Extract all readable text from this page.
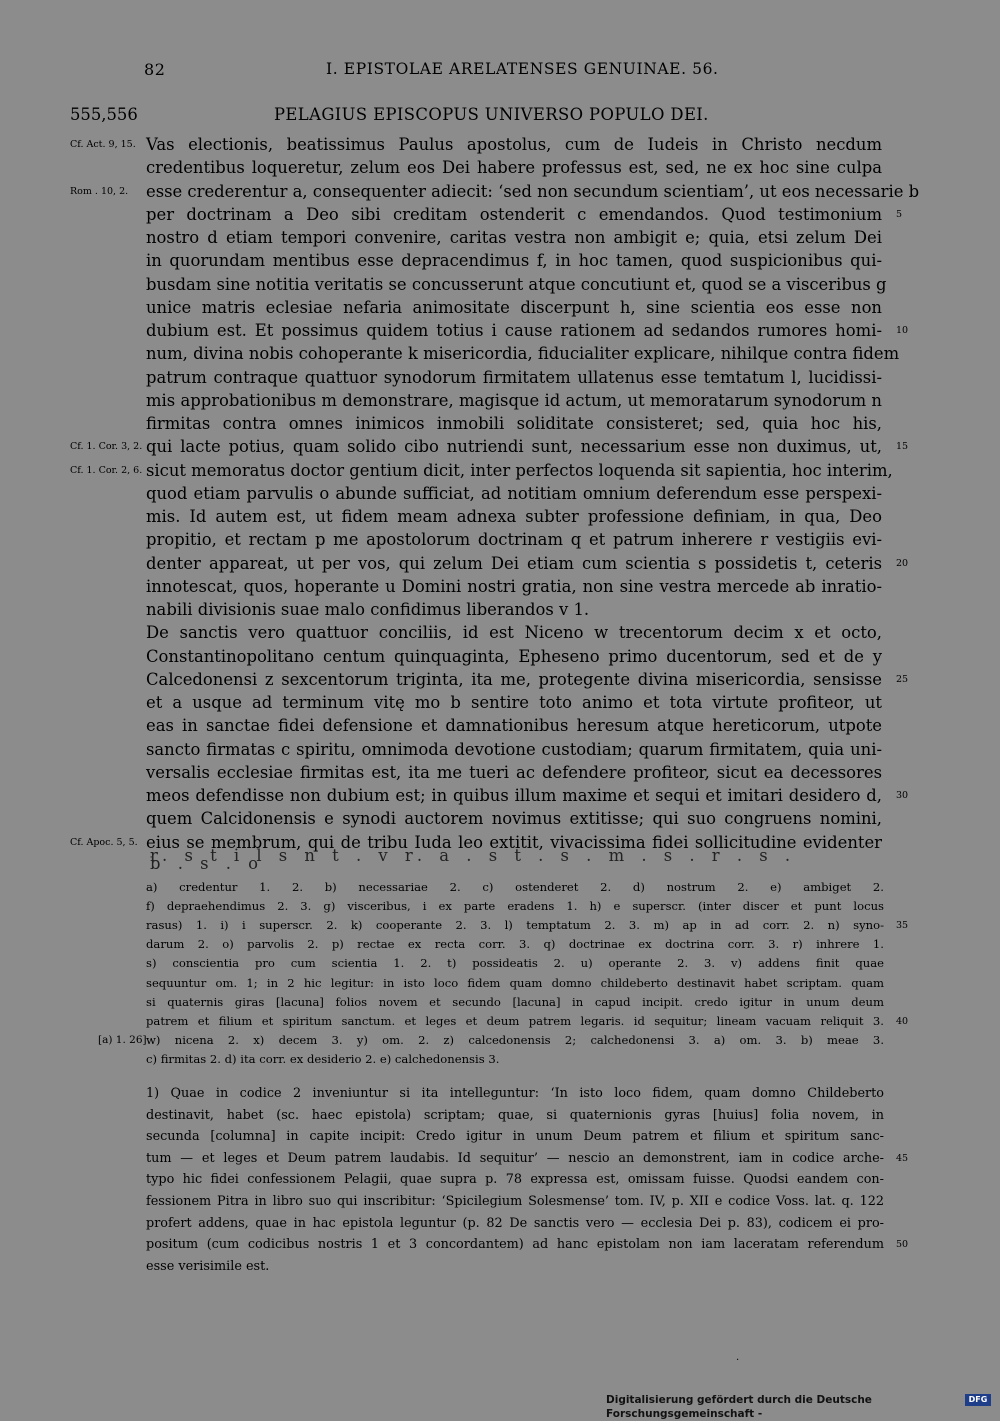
82	I. EPISTOLAE ARELATENSES GENUINAE. 56.
555,556	PELAGIUS EPISCOPUS UNIVERSO POPULO DEI.
Vas electionis, beatissimus Paulus apostolus, cum de Iudeis in Christo necdum
Cf. Act. 9, 15.
credentibus loqueretur, zelum eos Dei habere professus est, sed, ne ex hoc sine culpa
esse crederentur a, consequenter adiecit: ‘sed non secundum scientiam’, ut eos necessarie b
Rom . 10, 2.
per doctrinam a Deo sibi creditam ostenderit c emendandos. Quod testimonium 5
nostro d etiam tempori convenire, caritas vestra non ambigit e; quia, etsi zelum Dei
in quorundam mentibus esse depracendimus f, in hoc tamen, quod suspicionibus qui-
busdam sine notitia veritatis se concusserunt atque concutiunt et, quod se a visceribus g
unice matris eclesiae nefaria animositate discerpunt h, sine scientia eos esse non
dubium est. Et possimus quidem totius i cause rationem ad sedandos rumores homi- 10
num, divina nobis cohoperante k misericordia, fiducialiter explicare, nihilque contra fidem
patrum contraque quattuor synodorum firmitatem ullatenus esse temtatum l, lucidissi-
mis approbationibus m demonstrare, magisque id actum, ut memoratarum synodorum n
firmitas contra omnes inimicos inmobili soliditate consisteret; sed, quia hoc his,
qui lacte potius, quam solido cibo nutriendi sunt, necessarium esse non duximus, ut,
Cf. 1. Cor. 3, 2.	15
sicut memoratus doctor gentium dicit, inter perfectos loquenda sit sapientia, hoc interim,
Cf. 1. Cor. 2, 6.
quod etiam parvulis o abunde sufficiat, ad notitiam omnium deferendum esse perspexi-
mis. Id autem est, ut fidem meam adnexa subter professione definiam, in qua, Deo
propitio, et rectam p me apostolorum doctrinam q et patrum inherere r vestigiis evi-
denter appareat, ut per vos, qui zelum Dei etiam cum scientia s possidetis t, ceteris 20
innotescat, quos, hoperante u Domini nostri gratia, non sine vestra mercede ab inratio-
nabili divisionis suae malo confidimus liberandos v 1.
De sanctis vero quattuor conciliis, id est Niceno w trecentorum decim x et octo,
Constantinopolitano centum quinquaginta, Epheseno primo ducentorum, sed et de y
Calcedonensi z sexcentorum triginta, ita me, protegente divina misericordia, sensisse 25
et a usque ad terminum vitę mo b sentire toto animo et tota virtute profiteor, ut
eas in sanctae fidei defensione et damnationibus heresum atque hereticorum, utpote
sancto firmatas c spiritu, omnimoda devotione custodiam; quarum firmitatem, quia uni-
versalis ecclesiae firmitas est, ita me tueri ac defendere profiteor, sicut ea decessores
meos defendisse non dubium est; in quibus illum maxime et sequi et imitari desidero d, 30
quem Calcidonensis e synodi auctorem novimus extitisse; qui suo congruens nomini,
eius se membrum, qui de tribu Iuda leo extitit, vivacissima fidei sollicitudine evidenter
Cf. Apoc. 5, 5.
r. s t i l s n t . v r. a . s t . s . m . s . r . s . b . s . o
a) credentur 1. 2. b) necessariae 2. c) ostenderet 2. d) nostrum 2. e) ambiget 2.
f) depraehendimus 2. 3. g) visceribus, i ex parte eradens 1. h) e superscr. (inter discer et punt locus
rasus) 1. i) i superscr. 2. k) cooperante 2. 3. l) temptatum 2. 3. m) ap in ad corr. 2. n) syno-
darum 2. o) parvolis 2. p) rectae ex recta corr. 3. q) doctrinae ex doctrina corr. 3. r) inhrere 1.
s) conscientia pro cum scientia 1. 2. t) possideatis 2. u) operante 2. 3. v) addens finit quae
sequuntur om. 1; in 2 hic legitur: in isto loco fidem quam domno childeberto destinavit habet scriptam. quam
si quaternis giras [lacuna] folios novem et secundo [lacuna] in capud incipit. credo igitur in unum deum
patrem et filium et spiritum sanctum. et leges et deum patrem legaris. id sequitur; lineam vacuam reliquit 3.
w) nicena 2. x) decem 3. y) om. 2. z) calcedonensis 2; calchedonensi 3. a) om. 3. b) meae 3.
[a) 1. 26]
c) firmitas 2. d) ita corr. ex desiderio 2. e) calchedonensis 3.
35
40
1) Quae in codice 2 inveniuntur si ita intelleguntur: ‘In isto loco fidem, quam domno Childeberto
destinavit, habet (sc. haec epistola) scriptam; quae, si quaternionis gyras [huius] folia novem, in
secunda [columna] in capite incipit: Credo igitur in unum Deum patrem et filium et spiritum sanc-
tum — et leges et Deum patrem laudabis. Id sequitur’ — nescio an demonstrent, iam in codice arche- 45
typo hic fidei confessionem Pelagii, quae supra p. 78 expressa est, omissam fuisse. Quodsi eandem con-
fessionem Pitra in libro suo qui inscribitur: ‘Spicilegium Solesmense’ tom. IV, p. XII e codice Voss. lat. q. 122
profert addens, quae in hac epistola leguntur (p. 82 De sanctis vero — ecclesia Dei p. 83), codicem ei pro-
positum (cum codicibus nostris 1 et 3 concordantem) ad hanc epistolam non iam laceratam referendum 50
esse verisimile est.
.
Digitalisierung gefördert durch die Deutsche Forschungsgemeinschaft -
DFG
